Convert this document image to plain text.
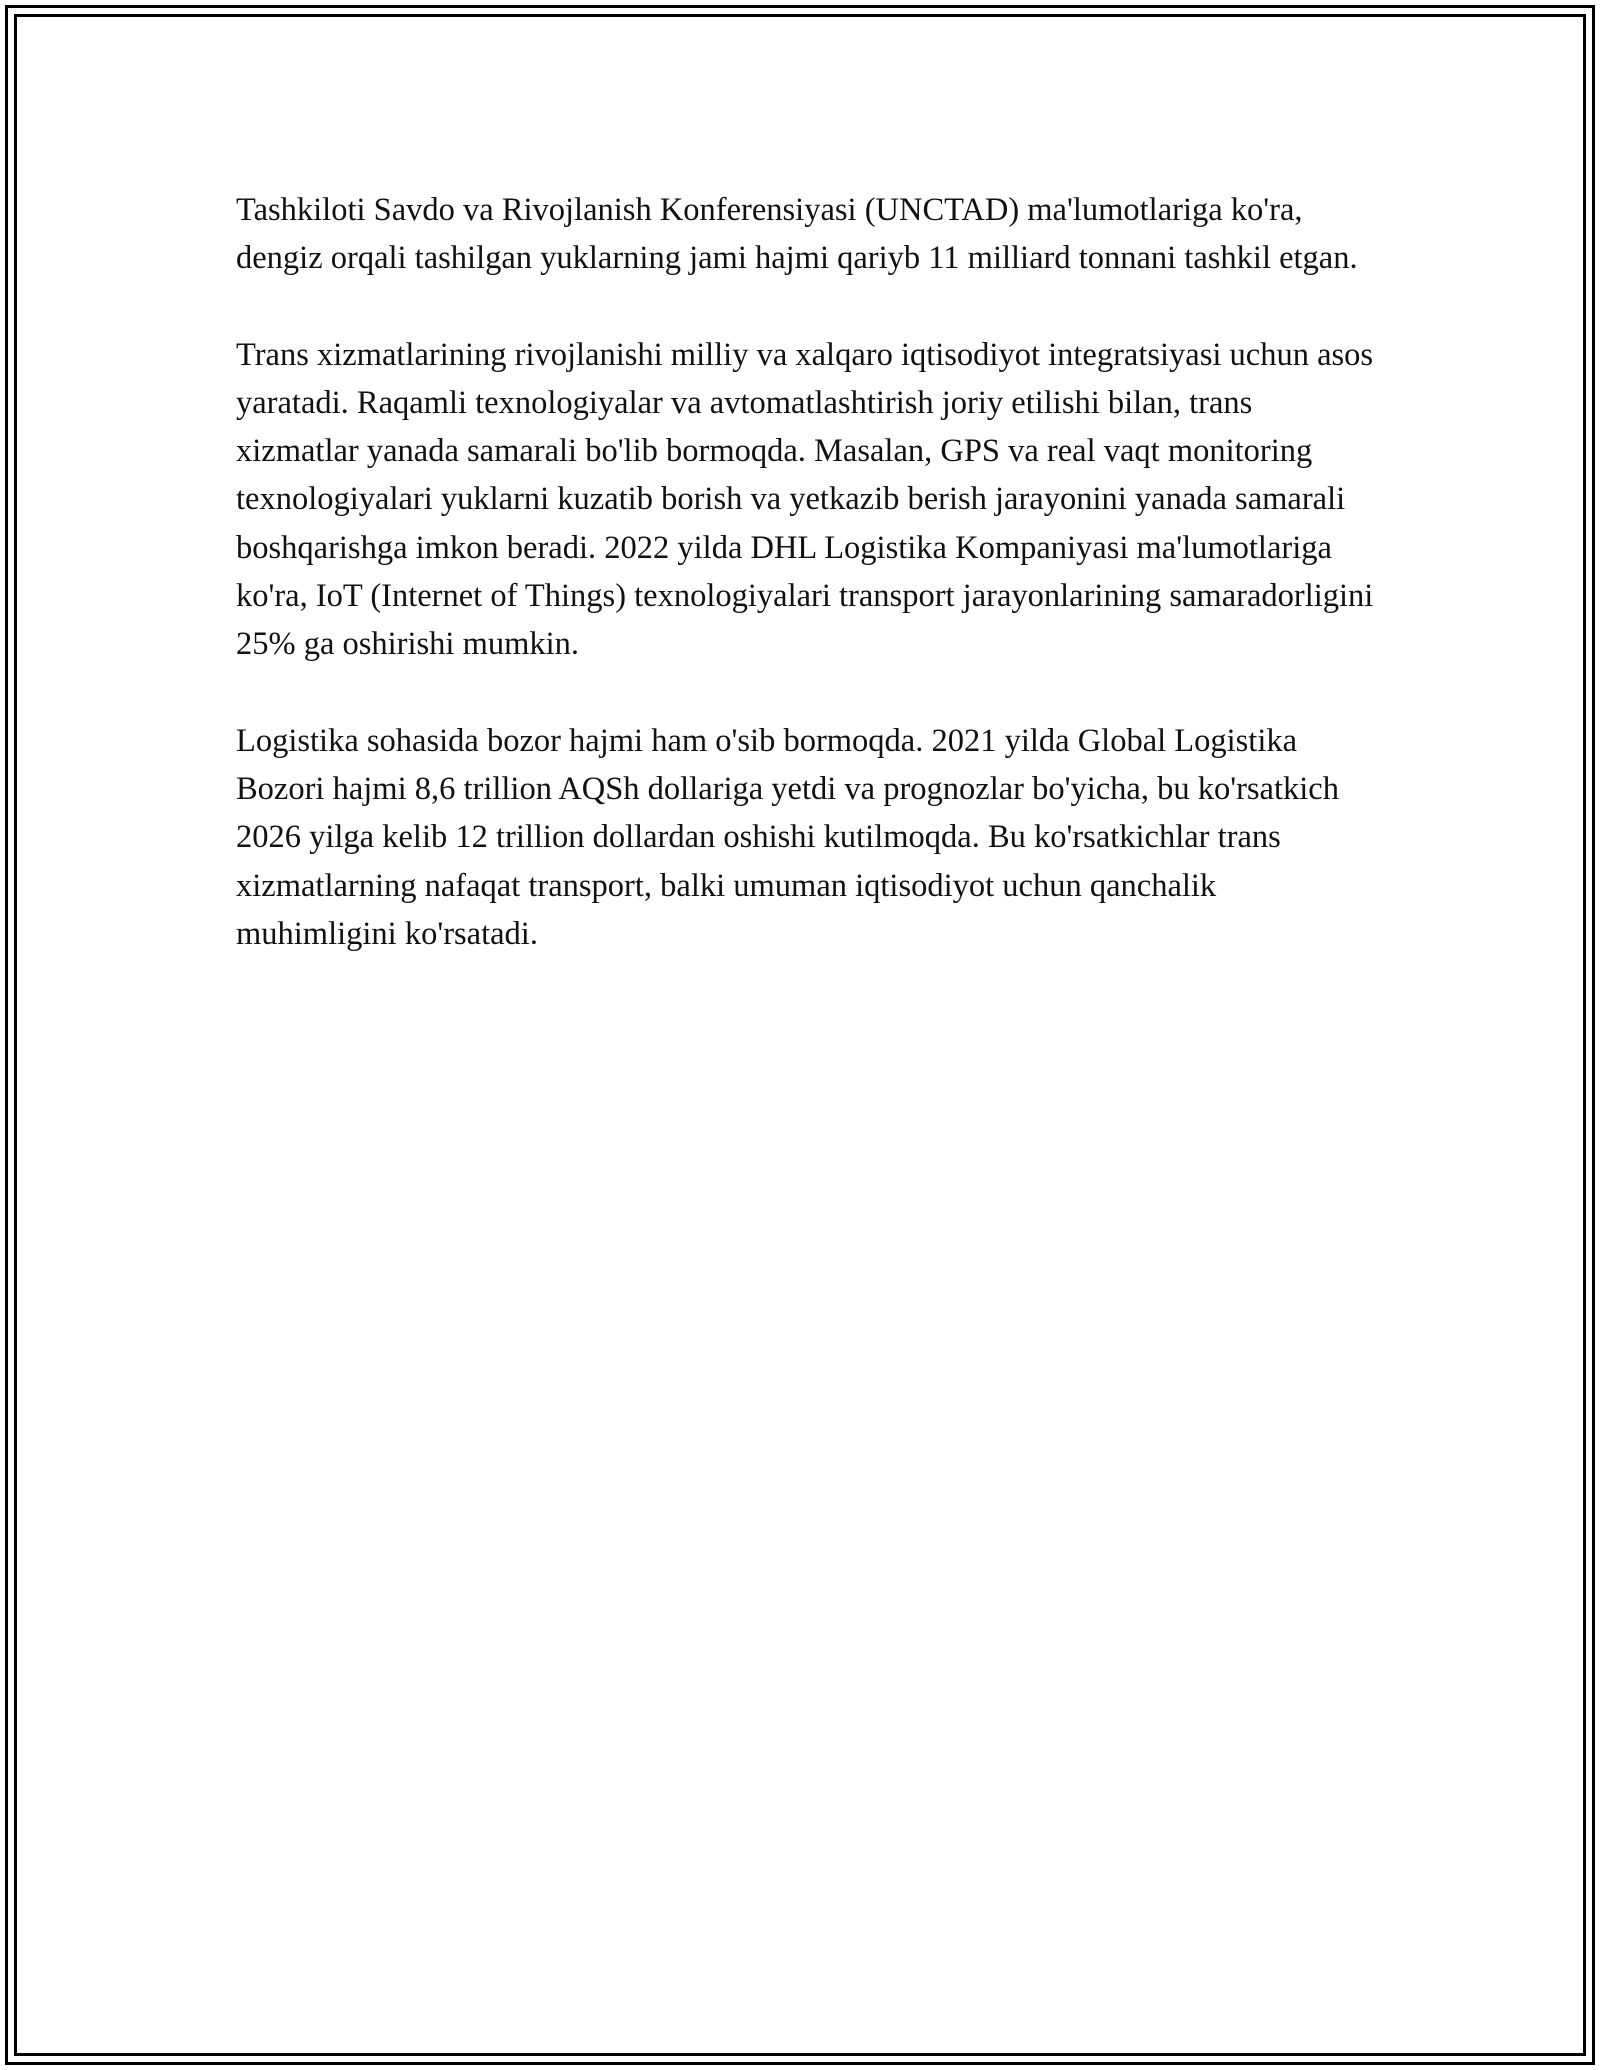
Tashkiloti Savdo va Rivojlanish Konferensiyasi (UNCTAD) ma'lumotlariga ko'ra, dengiz orqali tashilgan yuklarning jami hajmi qariyb 11 milliard tonnani tashkil etgan.

Trans xizmatlarining rivojlanishi milliy va xalqaro iqtisodiyot integratsiyasi uchun asos yaratadi. Raqamli texnologiyalar va avtomatlashtirish joriy etilishi bilan, trans xizmatlar yanada samarali bo'lib bormoqda. Masalan, GPS va real vaqt monitoring texnologiyalari yuklarni kuzatib borish va yetkazib berish jarayonini yanada samarali boshqarishga imkon beradi. 2022 yilda DHL Logistika Kompaniyasi ma'lumotlariga ko'ra, IoT (Internet of Things) texnologiyalari transport jarayonlarining samaradorligini 25% ga oshirishi mumkin.

Logistika sohasida bozor hajmi ham o'sib bormoqda. 2021 yilda Global Logistika Bozori hajmi 8,6 trillion AQSh dollariga yetdi va prognozlar bo'yicha, bu ko'rsatkich 2026 yilga kelib 12 trillion dollardan oshishi kutilmoqda. Bu ko'rsatkichlar trans xizmatlarning nafaqat transport, balki umuman iqtisodiyot uchun qanchalik muhimligini ko'rsatadi.
